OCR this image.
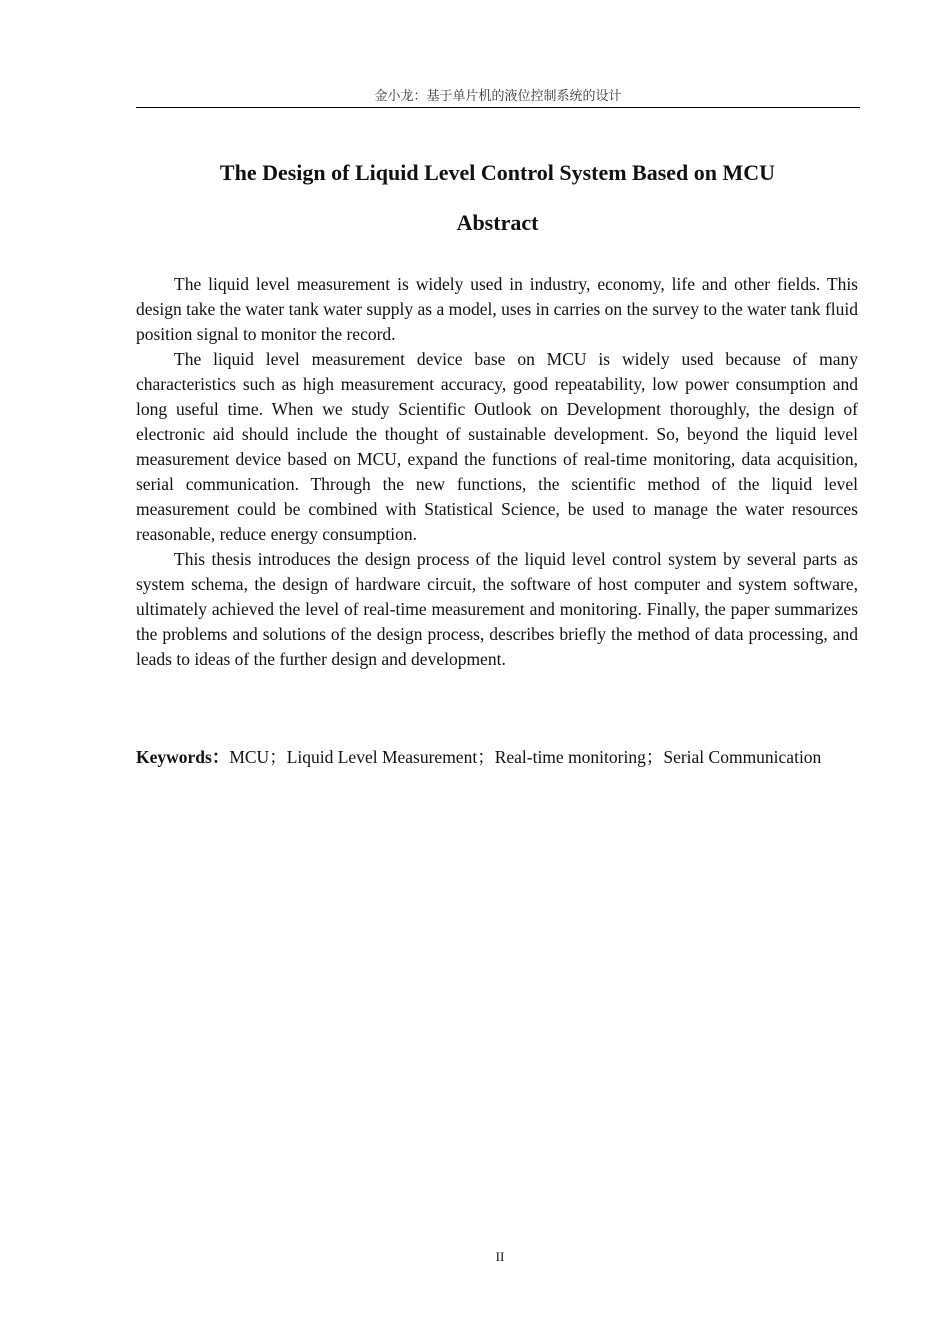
金小龙：基于单片机的液位控制系统的设计
The Design of Liquid Level Control System Based on MCU
Abstract

The liquid level measurement is widely used in industry, economy, life and other fields. This design take the water tank water supply as a model, uses in carries on the survey to the water tank fluid position signal to monitor the record.

The liquid level measurement device base on MCU is widely used because of many characteristics such as high measurement accuracy, good repeatability, low power consumption and long useful time. When we study Scientific Outlook on Development thoroughly, the design of electronic aid should include the thought of sustainable development. So, beyond the liquid level measurement device based on MCU, expand the functions of real-time monitoring, data acquisition, serial communication. Through the new functions, the scientific method of the liquid level measurement could be combined with Statistical Science, be used to manage the water resources reasonable, reduce energy consumption.

This thesis introduces the design process of the liquid level control system by several parts as system schema, the design of hardware circuit, the software of host computer and system software, ultimately achieved the level of real-time measurement and monitoring. Finally, the paper summarizes the problems and solutions of the design process, describes briefly the method of data processing, and leads to ideas of the further design and development.

Keywords：MCU；Liquid Level Measurement；Real-time monitoring；Serial Communication
II
